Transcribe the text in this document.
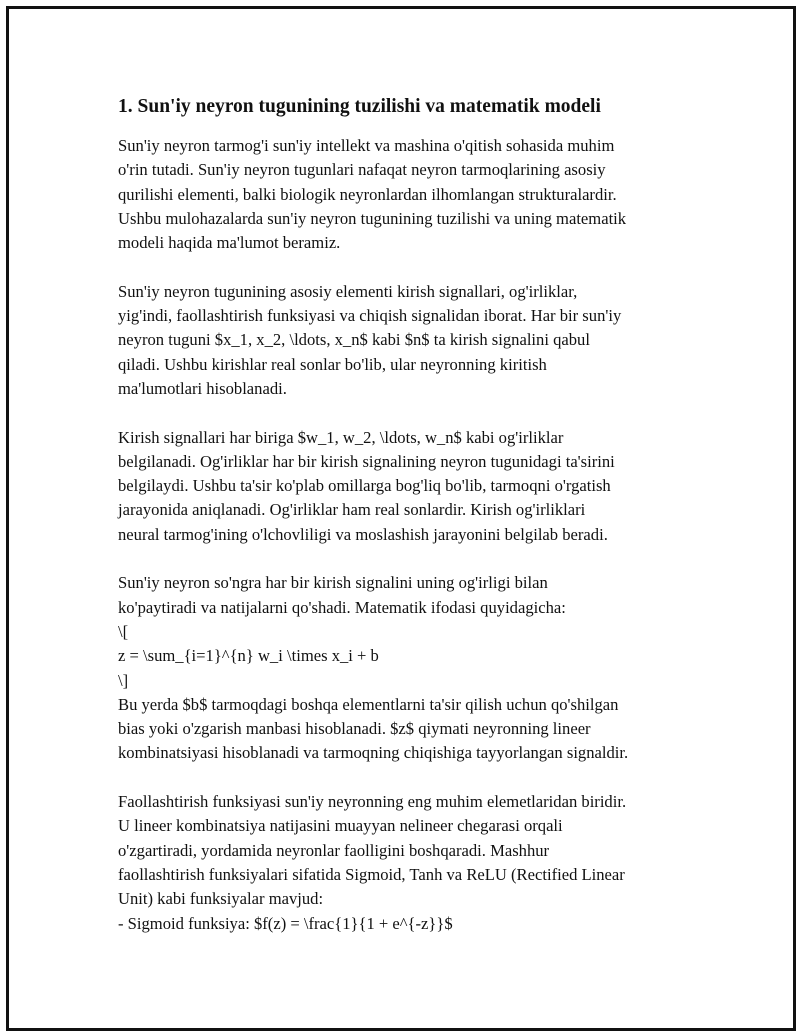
1. Sun'iy neyron tugunining tuzilishi va matematik modeli
Sun'iy neyron tarmog'i sun'iy intellekt va mashina o'qitish sohasida muhim
o'rin tutadi. Sun'iy neyron tugunlari nafaqat neyron tarmoqlarining asosiy
qurilishi elementi, balki biologik neyronlardan ilhomlangan strukturalardir.
Ushbu mulohazalarda sun'iy neyron tugunining tuzilishi va uning matematik
modeli haqida ma'lumot beramiz.
Sun'iy neyron tugunining asosiy elementi kirish signallari, og'irliklar,
yig'indi, faollashtirish funksiyasi va chiqish signalidan iborat. Har bir sun'iy
neyron tuguni $x_1, x_2, \ldots, x_n$ kabi $n$ ta kirish signalini qabul
qiladi. Ushbu kirishlar real sonlar bo'lib, ular neyronning kiritish
ma'lumotlari hisoblanadi.
Kirish signallari har biriga $w_1, w_2, \ldots, w_n$ kabi og'irliklar
belgilanadi. Og'irliklar har bir kirish signalining neyron tugunidagi ta'sirini
belgilaydi. Ushbu ta'sir ko'plab omillarga bog'liq bo'lib, tarmoqni o'rgatish
jarayonida aniqlanadi. Og'irliklar ham real sonlardir. Kirish og'irliklari
neural tarmog'ining o'lchovliligi va moslashish jarayonini belgilab beradi.
Sun'iy neyron so'ngra har bir kirish signalini uning og'irligi bilan
ko'paytiradi va natijalarni qo'shadi. Matematik ifodasi quyidagicha:
\[
z = \sum_{i=1}^{n} w_i \times x_i + b
\]
Bu yerda $b$ tarmoqdagi boshqa elementlarni ta'sir qilish uchun qo'shilgan
bias yoki o'zgarish manbasi hisoblanadi. $z$ qiymati neyronning lineer
kombinatsiyasi hisoblanadi va tarmoqning chiqishiga tayyorlangan signaldir.
Faollashtirish funksiyasi sun'iy neyronning eng muhim elemetlaridan biridir.
U lineer kombinatsiya natijasini muayyan nelineer chegarasi orqali
o'zgartiradi, yordamida neyronlar faolligini boshqaradi. Mashhur
faollashtirish funksiyalari sifatida Sigmoid, Tanh va ReLU (Rectified Linear
Unit) kabi funksiyalar mavjud:
- Sigmoid funksiya: $f(z) = \frac{1}{1 + e^{-z}}$
